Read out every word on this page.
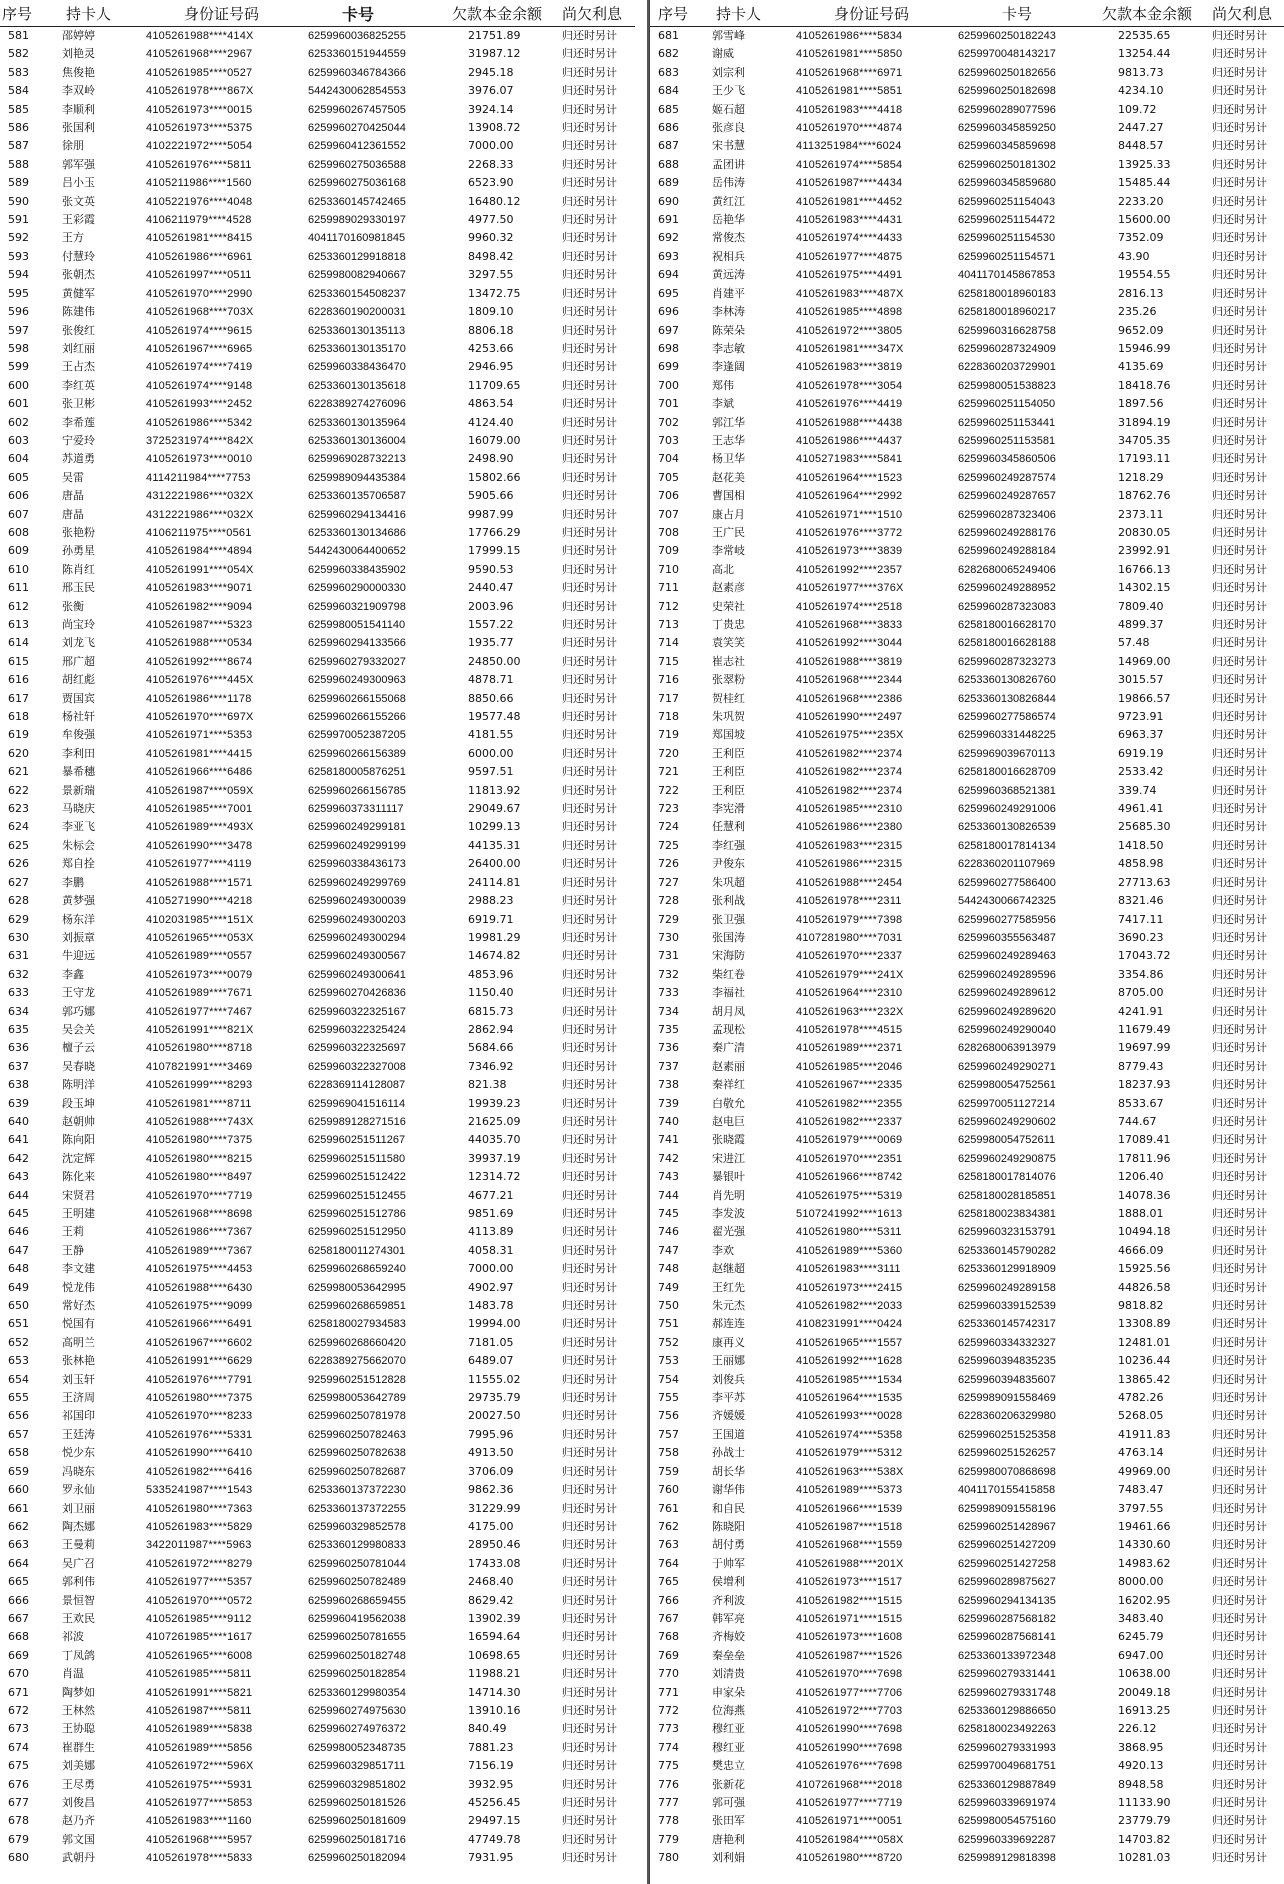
序号	持卡人	身份证号码	卡号	欠款本金余额	尚欠利息
581	邵婷婷	4105261988****414X	6259960036825255	21751.89	归还时另计
582	刘艳灵	4105261968****2967	6253360151944559	31987.12	归还时另计
583	焦俊艳	4105261985****0527	6259960346784366	2945.18	归还时另计
584	李双岭	4105261978****867X	5442430062854553	3976.07	归还时另计
585	李顺利	4105261973****0015	6259960267457505	3924.14	归还时另计
586	张国利	4105261973****5375	6259960270425044	13908.72	归还时另计
587	徐朋	4102221972****5054	6259960412361552	7000.00	归还时另计
588	郭军强	4105261976****5811	6259960275036588	2268.33	归还时另计
589	吕小玉	4105211986****1560	6259960275036168	6523.90	归还时另计
590	张文英	4105221976****4048	6253360145742465	16480.12	归还时另计
591	王彩霞	4106211979****4528	6259989029330197	4977.50	归还时另计
592	王方	4105261981****8415	4041170160981845	9960.32	归还时另计
593	付慧玲	4105261986****6961	6253360129918818	8498.42	归还时另计
594	张朝杰	4105261997****0511	6259980082940667	3297.55	归还时另计
595	黄健军	4105261970****2990	6253360154508237	13472.75	归还时另计
596	陈建伟	4105261968****703X	6228360190200031	1809.10	归还时另计
597	张俊红	4105261974****9615	6253360130135113	8806.18	归还时另计
598	刘红丽	4105261967****6965	6253360130135170	4253.66	归还时另计
599	王占杰	4105261974****7419	6259960338436470	2946.95	归还时另计
600	李红英	4105261974****9148	6253360130135618	11709.65	归还时另计
601	张卫彬	4105261993****2452	6228389274276096	4863.54	归还时另计
602	李希莲	4105261986****5342	6253360130135964	4124.40	归还时另计
603	宁爱玲	3725231974****842X	6253360130136004	16079.00	归还时另计
604	苏道勇	4105261973****0010	6259969028732213	2498.90	归还时另计
605	吴雷	4114211984****7753	6259989094435384	15802.66	归还时另计
606	唐晶	4312221986****032X	6253360135706587	5905.66	归还时另计
607	唐晶	4312221986****032X	6259960294134416	9987.99	归还时另计
608	张艳粉	4106211975****0561	6253360130134686	17766.29	归还时另计
609	孙勇星	4105261984****4894	5442430064400652	17999.15	归还时另计
610	陈肖红	4105261991****054X	6259960338435902	9590.53	归还时另计
611	邢玉民	4105261983****9071	6259960290000330	2440.47	归还时另计
612	张衡	4105261982****9094	6259960321909798	2003.96	归还时另计
613	尚宝玲	4105261987****5323	6259980051541140	1557.22	归还时另计
614	刘龙飞	4105261988****0534	6259960294133566	1935.77	归还时另计
615	邢广超	4105261992****8674	6259960279332027	24850.00	归还时另计
616	胡红彪	4105261976****445X	6259960249300963	4878.71	归还时另计
617	贾国宾	4105261986****1178	6259960266155068	8850.66	归还时另计
618	杨社轩	4105261970****697X	6259960266155266	19577.48	归还时另计
619	牟俊强	4105261971****5353	6259970052387205	4181.55	归还时另计
620	李利田	4105261981****4415	6259960266156389	6000.00	归还时另计
621	暴希穗	4105261966****6486	6258180005876251	9597.51	归还时另计
622	景新瑞	4105261987****059X	6259960266156785	11813.92	归还时另计
623	马晓庆	4105261985****7001	6259960373311117	29049.67	归还时另计
624	李亚飞	4105261989****493X	6259960249299181	10299.13	归还时另计
625	朱标会	4105261990****3478	6259960249299199	44135.31	归还时另计
626	郑自拴	4105261977****4119	6259960338436173	26400.00	归还时另计
627	李鹏	4105261988****1571	6259960249299769	24114.81	归还时另计
628	黄梦强	4105271990****4218	6259960249300039	2988.23	归还时另计
629	杨东洋	4102031985****151X	6259960249300203	6919.71	归还时另计
630	刘振章	4105261965****053X	6259960249300294	19981.29	归还时另计
631	牛迎远	4105261989****0557	6259960249300567	14674.82	归还时另计
632	李鑫	4105261973****0079	6259960249300641	4853.96	归还时另计
633	王守龙	4105261989****7671	6259960270426836	1150.40	归还时另计
634	郭巧娜	4105261977****7467	6259960322325167	6815.73	归还时另计
635	吴会关	4105261991****821X	6259960322325424	2862.94	归还时另计
636	檀子云	4105261980****8718	6259960322325697	5684.66	归还时另计
637	吴春晓	4107821991****3469	6259960322327008	7346.92	归还时另计
638	陈明洋	4105261999****8293	6228369114128087	821.38	归还时另计
639	段玉坤	4105261981****8711	6259969041516114	19939.23	归还时另计
640	赵朝帅	4105261988****743X	6259989128271516	21625.09	归还时另计
641	陈向阳	4105261980****7375	6259960251511267	44035.70	归还时另计
642	沈定辉	4105261980****8215	6259960251511580	39937.19	归还时另计
643	陈化来	4105261980****8497	6259960251512422	12314.72	归还时另计
644	宋贤君	4105261970****7719	6259960251512455	4677.21	归还时另计
645	王明建	4105261968****8698	6259960251512786	9851.69	归还时另计
646	王莉	4105261986****7367	6259960251512950	4113.89	归还时另计
647	王静	4105261989****7367	6258180011274301	4058.31	归还时另计
648	李文建	4105261975****4453	6259960268659240	7000.00	归还时另计
649	悦龙伟	4105261988****6430	6259980053642995	4902.97	归还时另计
650	常好杰	4105261975****9099	6259960268659851	1483.78	归还时另计
651	悦国有	4105261966****6491	6258180027934583	19994.00	归还时另计
652	高明兰	4105261967****6602	6259960268660420	7181.05	归还时另计
653	张林艳	4105261991****6629	6228389275662070	6489.07	归还时另计
654	刘玉轩	4105261976****7791	9259960251512828	11555.02	归还时另计
655	王济周	4105261980****7375	6259980053642789	29735.79	归还时另计
656	祁国印	4105261970****8233	6259960250781978	20027.50	归还时另计
657	王廷涛	4105261976****5331	6259960250782463	7995.96	归还时另计
658	悦少东	4105261990****6410	6259960250782638	4913.50	归还时另计
659	冯晓东	4105261982****6416	6259960250782687	3706.09	归还时另计
660	罗永仙	5335241987****1543	6253360137372230	9862.36	归还时另计
661	刘卫丽	4105261980****7363	6253360137372255	31229.99	归还时另计
662	陶杰娜	4105261983****5829	6259960329852578	4175.00	归还时另计
663	王曼莉	3422011987****5963	6253360129980833	28950.46	归还时另计
664	吴广召	4105261972****8279	6259960250781044	17433.08	归还时另计
665	郭利伟	4105261977****5357	6259960250782489	2468.40	归还时另计
666	景恒智	4105261970****0572	6259960268659455	8629.42	归还时另计
667	王欢民	4105261985****9112	6259960419562038	13902.39	归还时另计
668	祁波	4107261985****1617	6259960250781655	16594.64	归还时另计
669	丁凤鸽	4105261965****6008	6259960250182748	10698.65	归还时另计
670	肖温	4105261985****5811	6259960250182854	11988.21	归还时另计
671	陶梦如	4105261991****5821	6253360129980354	14714.30	归还时另计
672	王林然	4105261987****5811	6259960274975630	13910.16	归还时另计
673	王协聪	4105261989****5838	6259960274976372	840.49	归还时另计
674	崔群生	4105261989****5856	6259980052348735	7881.23	归还时另计
675	刘美娜	4105261972****596X	6259960329851711	7156.19	归还时另计
676	王尽勇	4105261975****5931	6259960329851802	3932.95	归还时另计
677	刘俊昌	4105261977****5853	6259960250181526	45256.45	归还时另计
678	赵乃齐	4105261983****1160	6259960250181609	29497.15	归还时另计
679	郭文国	4105261968****5957	6259960250181716	47749.78	归还时另计
680	武朝丹	4105261978****5833	6259960250182094	7931.95	归还时另计
序号	持卡人	身份证号码	卡号	欠款本金余额	尚欠利息
681	郭雪峰	4105261986****5834	6259960250182243	22535.65	归还时另计
682	谢威	4105261981****5850	6259970048143217	13254.44	归还时另计
683	刘宗利	4105261968****6971	6259960250182656	9813.73	归还时另计
684	王少飞	4105261981****5851	6259960250182698	4234.10	归还时另计
685	姬石超	4105261983****4418	6259960289077596	109.72	归还时另计
686	张彦良	4105261970****4874	6259960345859250	2447.27	归还时另计
687	宋书慧	4113251984****6024	6259960345859698	8448.57	归还时另计
688	孟团讲	4105261974****5854	6259960250181302	13925.33	归还时另计
689	岳伟涛	4105261987****4434	6259960345859680	15485.44	归还时另计
690	黄红江	4105261981****4452	6259960251154043	2233.20	归还时另计
691	岳艳华	4105261983****4431	6259960251154472	15600.00	归还时另计
692	常俊杰	4105261974****4433	6259960251154530	7352.09	归还时另计
693	祝相兵	4105261977****4875	6259960251154571	43.90	归还时另计
694	黄远涛	4105261975****4491	4041170145867853	19554.55	归还时另计
695	肖建平	4105261983****487X	6258180018960183	2816.13	归还时另计
696	李林涛	4105261985****4898	6258180018960217	235.26	归还时另计
697	陈荣朵	4105261972****3805	6259960316628758	9652.09	归还时另计
698	李志敏	4105261981****347X	6259960287324909	15946.99	归还时另计
699	李逢阔	4105261983****3819	6228360203729901	4135.69	归还时另计
700	郑伟	4105261978****3054	6259980051538823	18418.76	归还时另计
701	李斌	4105261976****4419	6259960251154050	1897.56	归还时另计
702	郭江华	4105261988****4438	6259960251153441	31894.19	归还时另计
703	王志华	4105261986****4437	6259960251153581	34705.35	归还时另计
704	杨卫华	4105271983****5841	6259960345860506	17193.11	归还时另计
705	赵花美	4105261964****1523	6259960249287574	1218.29	归还时另计
706	曹国相	4105261964****2992	6259960249287657	18762.76	归还时另计
707	康占月	4105261971****1510	6259960287323406	2373.11	归还时另计
708	王广民	4105261976****3772	6259960249288176	20830.05	归还时另计
709	李常岐	4105261973****3839	6259960249288184	23992.91	归还时另计
710	高北	4105261992****2357	6282680065249406	16766.13	归还时另计
711	赵素彦	4105261977****376X	6259960249288952	14302.15	归还时另计
712	史荣社	4105261974****2518	6259960287323083	7809.40	归还时另计
713	丁贵忠	4105261968****3833	6258180016628170	4899.37	归还时另计
714	袁笑笑	4105261992****3044	6258180016628188	57.48	归还时另计
715	崔志社	4105261988****3819	6259960287323273	14969.00	归还时另计
716	张翠粉	4105261968****2344	6253360130826760	3015.57	归还时另计
717	贺桂红	4105261968****2386	6253360130826844	19866.57	归还时另计
718	朱巩贺	4105261990****2497	6259960277586574	9723.91	归还时另计
719	郑国坡	4105261975****235X	6259960331448225	6963.37	归还时另计
720	王利臣	4105261982****2374	6259969039670113	6919.19	归还时另计
721	王利臣	4105261982****2374	6258180016628709	2533.42	归还时另计
722	王利臣	4105261982****2374	6259960368521381	339.74	归还时另计
723	李宪滑	4105261985****2310	6259960249291006	4961.41	归还时另计
724	任慧利	4105261986****2380	6253360130826539	25685.30	归还时另计
725	李红强	4105261983****2315	6258180017814134	1418.50	归还时另计
726	尹俊东	4105261986****2315	6228360201107969	4858.98	归还时另计
727	朱巩超	4105261988****2454	6259960277586400	27713.63	归还时另计
728	张利战	4105261978****2311	5442430066742325	8321.46	归还时另计
729	张卫强	4105261979****7398	6259960277585956	7417.11	归还时另计
730	张国涛	4107281980****7031	6259960355563487	3690.23	归还时另计
731	宋海防	4105261970****2337	6259960249289463	17043.72	归还时另计
732	柴红卷	4105261979****241X	6259960249289596	3354.86	归还时另计
733	李福社	4105261964****2310	6259960249289612	8705.00	归还时另计
734	胡月凤	4105261963****232X	6259960249289620	4241.91	归还时另计
735	孟现松	4105261978****4515	6259960249290040	11679.49	归还时另计
736	秦广清	4105261989****2371	6282680063913979	19697.99	归还时另计
737	赵素丽	4105261985****2046	6259960249290271	8779.43	归还时另计
738	秦祥红	4105261967****2335	6259980054752561	18237.93	归还时另计
739	白敬允	4105261982****2355	6259970051127214	8533.67	归还时另计
740	赵电巨	4105261982****2337	6259960249290602	744.67	归还时另计
741	张晓霞	4105261979****0069	6259980054752611	17089.41	归还时另计
742	宋进江	4105261970****2351	6259960249290875	17811.96	归还时另计
743	暴银叶	4105261966****8742	6258180017814076	1206.40	归还时另计
744	肖先明	4105261975****5319	6258180028185851	14078.36	归还时另计
745	李发波	5107241992****1613	6258180023834381	1888.01	归还时另计
746	翟光强	4105261980****5311	6259960323153791	10494.18	归还时另计
747	李欢	4105261989****5360	6253360145790282	4666.09	归还时另计
748	赵继超	4105261983****3111	6253360129918909	15925.56	归还时另计
749	王红先	4105261973****2415	6259960249289158	44826.58	归还时另计
750	朱元杰	4105261982****2033	6259960339152539	9818.82	归还时另计
751	郝连连	4108231991****0424	6253360145742317	13308.89	归还时另计
752	康再义	4105261965****1557	6259960334332327	12481.01	归还时另计
753	王丽娜	4105261992****1628	6259960394835235	10236.44	归还时另计
754	刘俊兵	4105261985****1534	6259960394835607	13865.42	归还时另计
755	李平苏	4105261964****1535	6259989091558469	4782.26	归还时另计
756	齐媛媛	4105261993****0028	6228360206329980	5268.05	归还时另计
757	王国道	4105261974****5358	6259960251525358	41911.83	归还时另计
758	孙战士	4105261979****5312	6259960251526257	4763.14	归还时另计
759	胡长华	4105261963****538X	6259980070868698	49969.00	归还时另计
760	谢华伟	4105261989****5373	4041170155415858	7483.47	归还时另计
761	和自民	4105261966****1539	6259989091558196	3797.55	归还时另计
762	陈晓阳	4105261987****1518	6259960251428967	19461.66	归还时另计
763	胡付勇	4105261968****1559	6259960251427209	14330.60	归还时另计
764	于帅军	4105261988****201X	6259960251427258	14983.62	归还时另计
765	侯增利	4105261973****1517	6259960289875627	8000.00	归还时另计
766	齐利波	4105261982****1515	6259960294134135	16202.95	归还时另计
767	韩军亮	4105261971****1515	6259960287568182	3483.40	归还时另计
768	齐梅姣	4105261973****1608	6259960287568141	6245.79	归还时另计
769	秦垒垒	4105261987****1526	6253360133972348	6947.00	归还时另计
770	刘清贵	4105261970****7698	6259960279331441	10638.00	归还时另计
771	申家朵	4105261977****7706	6259960279331748	20049.18	归还时另计
772	位海燕	4105261972****7703	6253360129886650	16913.25	归还时另计
773	穆红亚	4105261990****7698	6258180023492263	226.12	归还时另计
774	穆红亚	4105261990****7698	6259960279331993	3868.95	归还时另计
775	樊忠立	4105261976****7698	6259970049681751	4920.13	归还时另计
776	张新花	4107261968****2018	6253360129887849	8948.58	归还时另计
777	郭可强	4105261977****7719	6259960339691974	11133.90	归还时另计
778	张田军	4105261971****0051	6259980054575160	23779.79	归还时另计
779	唐艳利	4105261984****058X	6259960339692287	14703.82	归还时另计
780	刘利娟	4105261980****8720	6259989129818398	10281.03	归还时另计
